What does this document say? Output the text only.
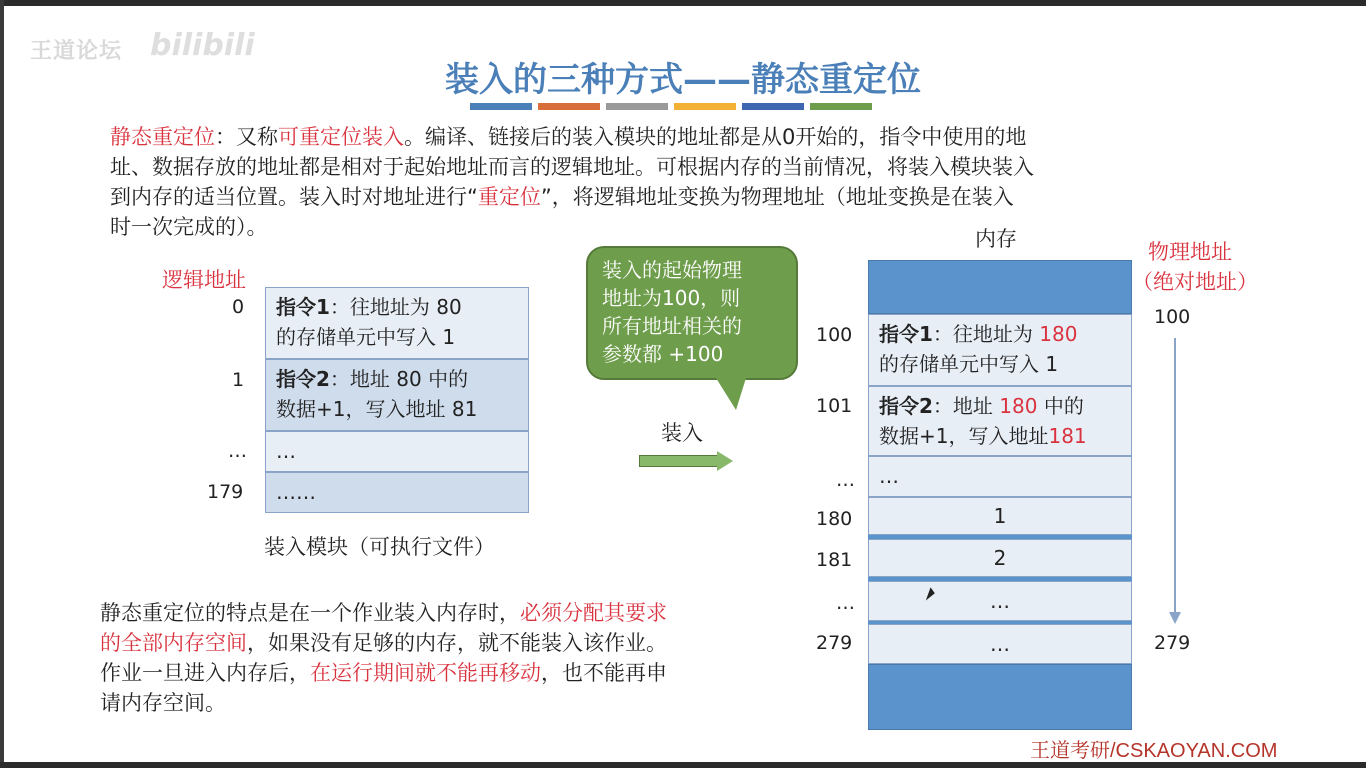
王道论坛 bilibili
装入的三种方式——静态重定位
静态重定位：又称可重定位装入。编译、链接后的装入模块的地址都是从0开始的，指令中使用的地
址、数据存放的地址都是相对于起始地址而言的逻辑地址。可根据内存的当前情况，将装入模块装入
到内存的适当位置。装入时对地址进行“重定位”，将逻辑地址变换为物理地址（地址变换是在装入
时一次完成的）。
逻辑地址
0
1
…
179
指令1：往地址为 80
的存储单元中写入 1
指令2：地址 80 中的
数据+1，写入地址 81
…
……
装入模块（可执行文件）
装入的起始物理
地址为100，则
所有地址相关的
参数都 +100
装入
内存
物理地址
（绝对地址）
100
101
…
180
181
…
279
指令1：往地址为 180
的存储单元中写入 1
指令2：地址 180 中的
数据+1，写入地址181
…
1
2
…
…
100
279
静态重定位的特点是在一个作业装入内存时，必须分配其要求
的全部内存空间，如果没有足够的内存，就不能装入该作业。
作业一旦进入内存后，在运行期间就不能再移动，也不能再申
请内存空间。
王道考研/CSKAOYAN.COM
